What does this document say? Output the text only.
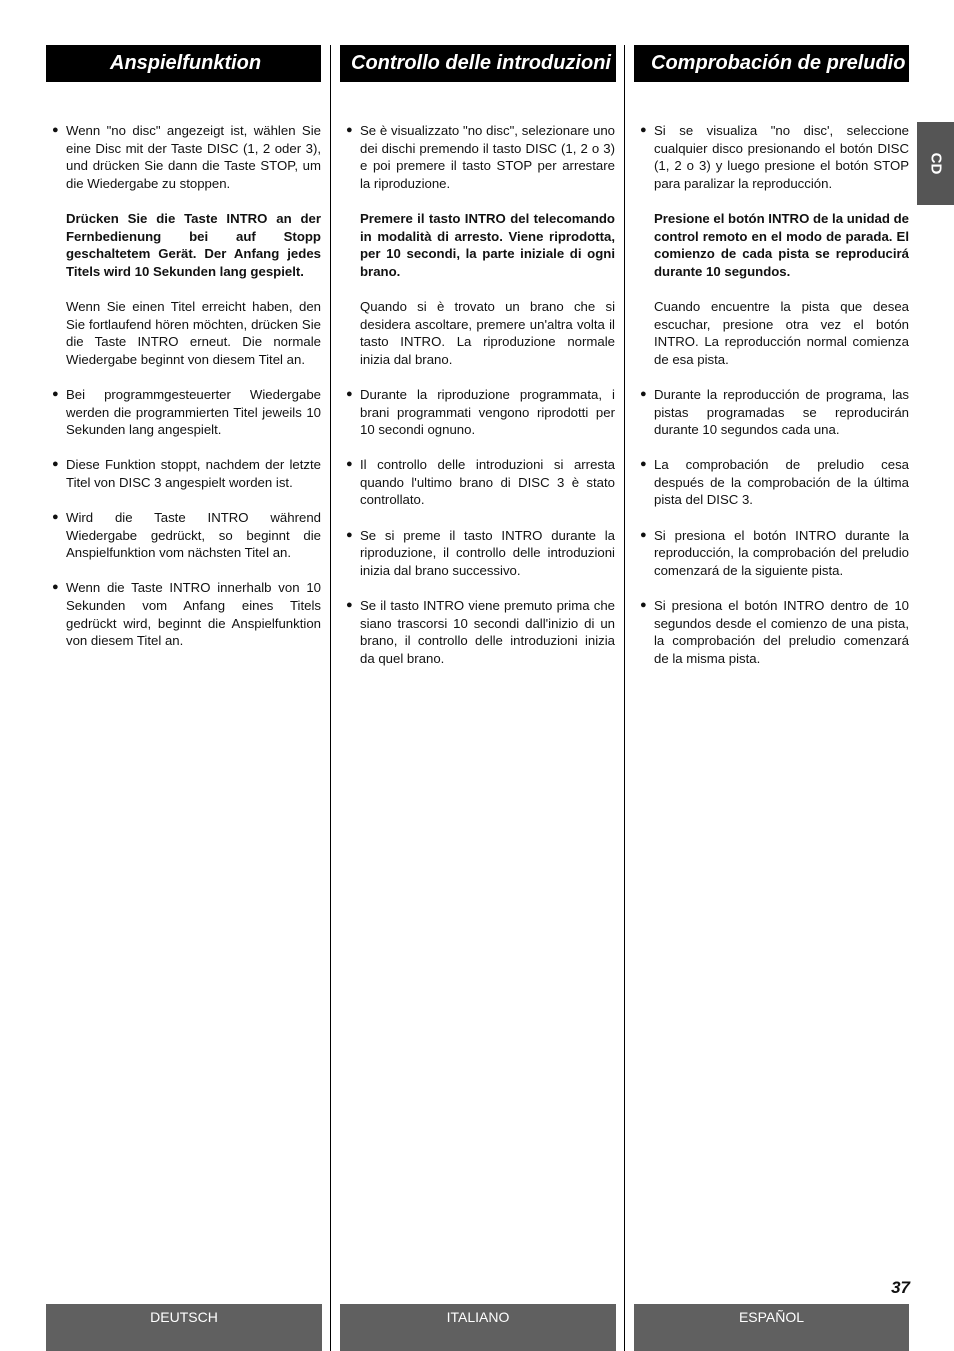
Anspielfunktion	Controllo delle introduzioni	Comprobación de preludio
● Wenn "no disc" angezeigt ist, wählen Sie eine Disc mit der Taste DISC (1, 2 oder 3), und drücken Sie dann die Taste STOP, um die Wiedergabe zu stoppen.
Drücken Sie die Taste INTRO an der Fernbedienung bei auf Stopp geschaltetem Gerät. Der Anfang jedes Titels wird 10 Sekunden lang gespielt.
Wenn Sie einen Titel erreicht haben, den Sie fortlaufend hören möchten, drücken Sie die Taste INTRO erneut. Die normale Wiedergabe beginnt von diesem Titel an.
● Bei programmgesteuerter Wiedergabe werden die programmierten Titel jeweils 10 Sekunden lang angespielt.
● Diese Funktion stoppt, nachdem der letzte Titel von DISC 3 angespielt worden ist.
● Wird die Taste INTRO während Wiedergabe gedrückt, so beginnt die Anspielfunktion vom nächsten Titel an.
● Wenn die Taste INTRO innerhalb von 10 Sekunden vom Anfang eines Titels gedrückt wird, beginnt die Anspielfunktion von diesem Titel an.
● Se è visualizzato "no disc", selezionare uno dei dischi premendo il tasto DISC (1, 2 o 3) e poi premere il tasto STOP per arrestare la riproduzione.
Premere il tasto INTRO del telecomando in modalità di arresto. Viene riprodotta, per 10 secondi, la parte iniziale di ogni brano.
Quando si è trovato un brano che si desidera ascoltare, premere un'altra volta il tasto INTRO. La riproduzione normale inizia dal brano.
● Durante la riproduzione programmata, i brani programmati vengono riprodotti per 10 secondi ognuno.
● Il controllo delle introduzioni si arresta quando l'ultimo brano di DISC 3 è stato controllato.
● Se si preme il tasto INTRO durante la riproduzione, il controllo delle introduzioni inizia dal brano successivo.
● Se il tasto INTRO viene premuto prima che siano trascorsi 10 secondi dall'inizio di un brano, il controllo delle introduzioni inizia da quel brano.
● Si se visualiza "no disc', seleccione cualquier disco presionando el botón DISC (1, 2 o 3) y luego presione el botón STOP para paralizar la reproducción.
Presione el botón INTRO de la unidad de control remoto en el modo de parada. El comienzo de cada pista se reproducirá durante 10 segundos.
Cuando encuentre la pista que desea escuchar, presione otra vez el botón INTRO. La reproducción normal comienza de esa pista.
● Durante la reproducción de programa, las pistas programadas se reproducirán durante 10 segundos cada una.
● La comprobación de preludio cesa después de la comprobación de la última pista del DISC 3.
● Si presiona el botón INTRO durante la reproducción, la comprobación del preludio comenzará de la siguiente pista.
● Si presiona el botón INTRO dentro de 10 segundos desde el comienzo de una pista, la comprobación del preludio comenzará de la misma pista.
CD
37
DEUTSCH	ITALIANO	ESPAÑOL
